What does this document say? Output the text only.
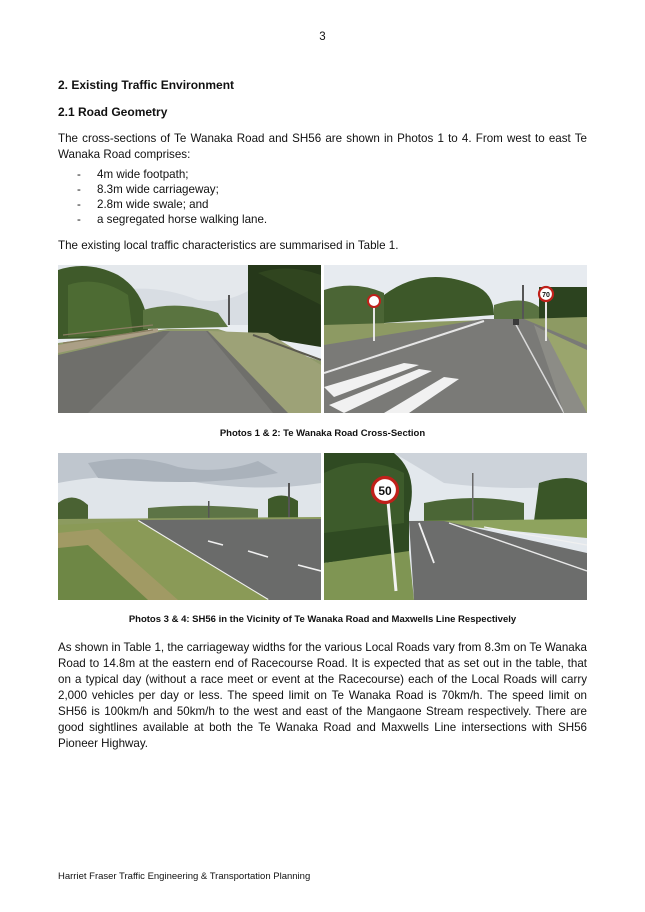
3
2. Existing Traffic Environment
2.1 Road Geometry
The cross-sections of Te Wanaka Road and SH56 are shown in Photos 1 to 4. From west to east Te Wanaka Road comprises:
- 4m wide footpath;
- 8.3m wide carriageway;
- 2.8m wide swale; and
- a segregated horse walking lane.
The existing local traffic characteristics are summarised in Table 1.
70
Photos 1 & 2: Te Wanaka Road Cross-Section
50
Photos 3 & 4: SH56 in the Vicinity of Te Wanaka Road and Maxwells Line Respectively
As shown in Table 1, the carriageway widths for the various Local Roads vary from 8.3m on Te Wanaka Road to 14.8m at the eastern end of Racecourse Road. It is expected that as set out in the table, that on a typical day (without a race meet or event at the Racecourse) each of the Local Roads will carry 2,000 vehicles per day or less. The speed limit on Te Wanaka Road is 70km/h. The speed limit on SH56 is 100km/h and 50km/h to the west and east of the Mangaone Stream respectively. There are good sightlines available at both the Te Wanaka Road and Maxwells Line intersections with SH56 Pioneer Highway.
Harriet Fraser Traffic Engineering & Transportation Planning
